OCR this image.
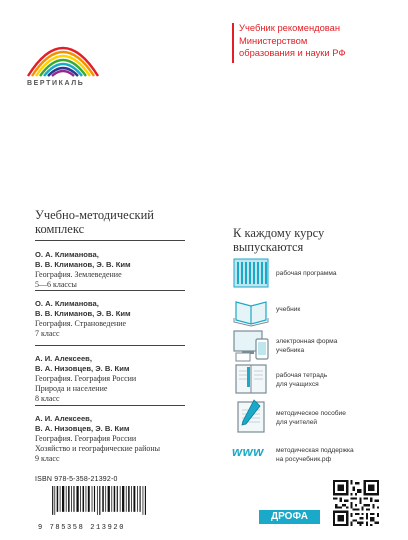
ВЕРТИКАЛЬ
Учебник рекомендован
Министерством
образования и науки РФ
Учебно-методический
комплекс	К каждому курсу
выпускаются
О. А. Климанова,
В. В. Климанов, Э. В. Ким
География. Землеведение
5—6 классы
О. А. Климанова,
В. В. Климанов, Э. В. Ким
География. Страноведение
7 класс
А. И. Алексеев,
В. А. Низовцев, Э. В. Ким
География. География России
Природа и население
8 класс
А. И. Алексеев,
В. А. Низовцев, Э. В. Ким
География. География России
Хозяйство и географические районы
9 класс
рабочая программа
учебник
электронная форма
учебника
рабочая тетрадь
для учащихся
методическое пособие
для учителей
www	методическая поддержка
на росучебник.рф
ISBN 978-5-358-21392-0
9 785358 213920
ДРОФА
